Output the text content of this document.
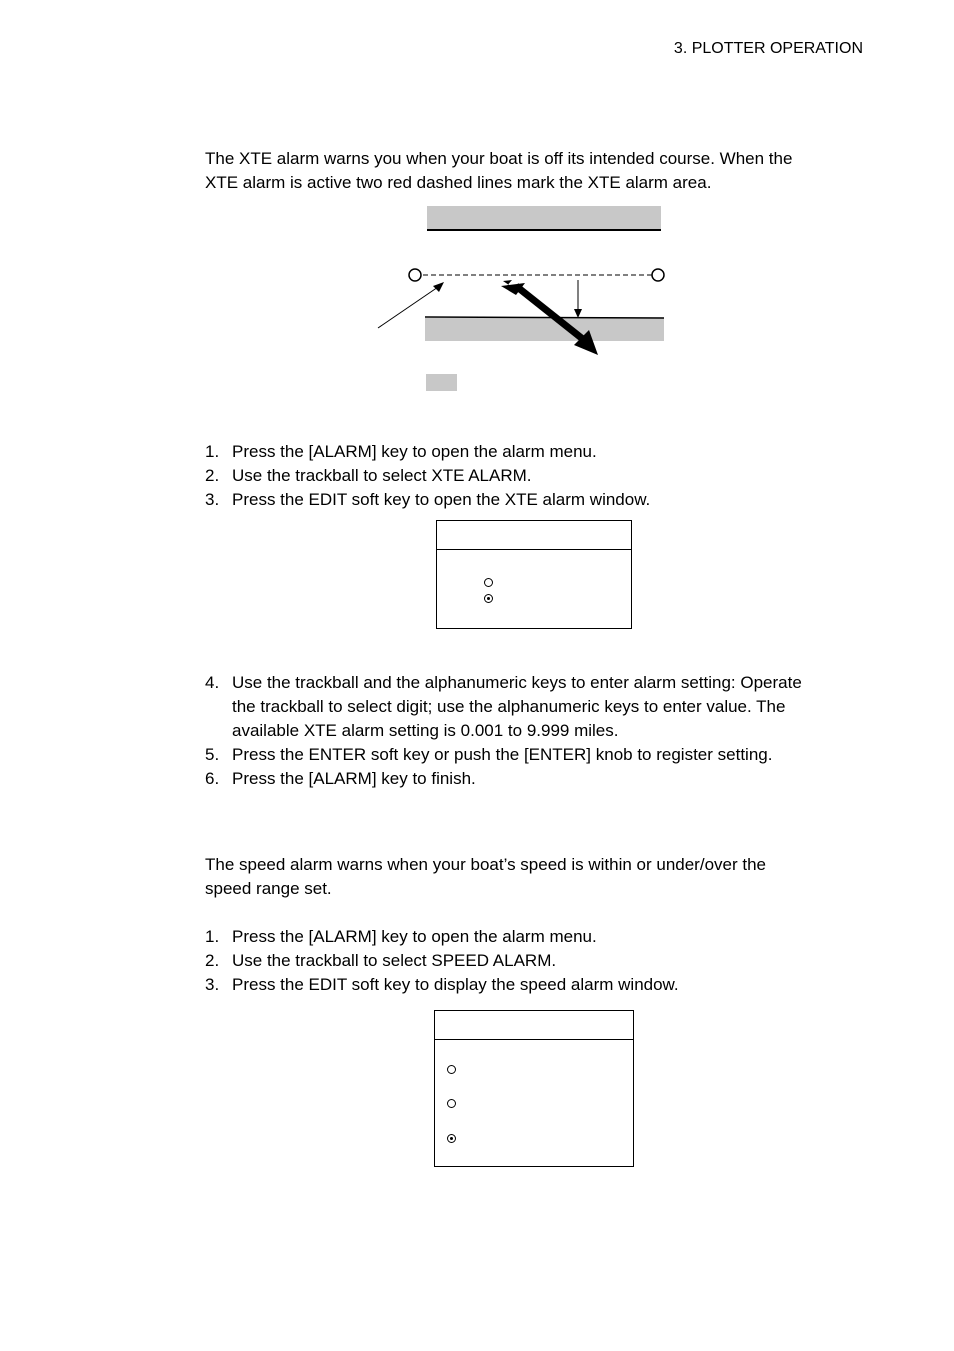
3. PLOTTER OPERATION

The XTE alarm warns you when your boat is off its intended course. When the
XTE alarm is active two red dashed lines mark the XTE alarm area.

1. Press the [ALARM] key to open the alarm menu.
2. Use the trackball to select XTE ALARM.
3. Press the EDIT soft key to open the XTE alarm window.
4. Use the trackball and the alphanumeric keys to enter alarm setting: Operate
the trackball to select digit; use the alphanumeric keys to enter value. The
available XTE alarm setting is 0.001 to 9.999 miles.
5. Press the ENTER soft key or push the [ENTER] knob to register setting.
6. Press the [ALARM] key to finish.

The speed alarm warns when your boat’s speed is within or under/over the
speed range set.

1. Press the [ALARM] key to open the alarm menu.
2. Use the trackball to select SPEED ALARM.
3. Press the EDIT soft key to display the speed alarm window.
